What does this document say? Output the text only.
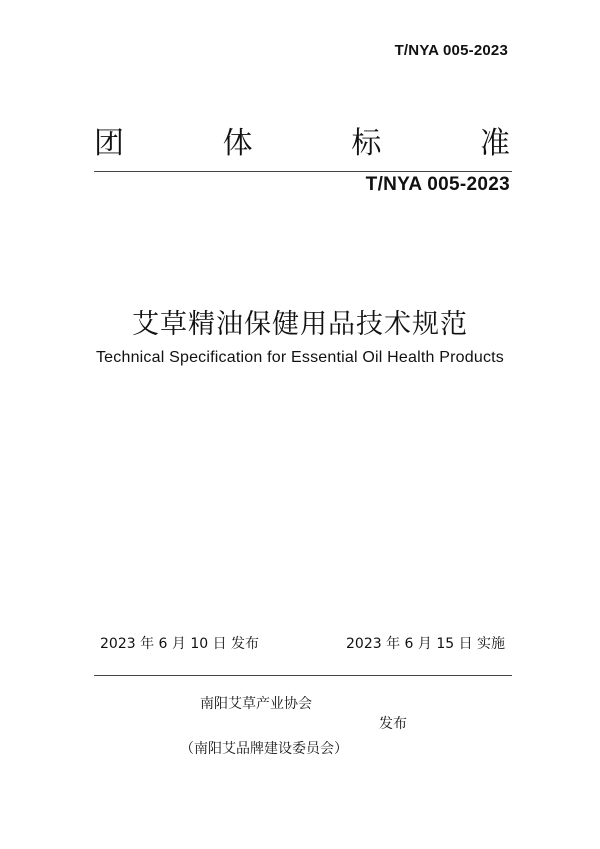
T/NYA 005-2023
团	体	标	准
T/NYA 005-2023
艾草精油保健用品技术规范
Technical Specification for Essential Oil Health Products
2023 年 6 月 10 日 发布	2023 年 6 月 15 日 实施
南阳艾草产业协会
发布
（南阳艾品牌建设委员会）
